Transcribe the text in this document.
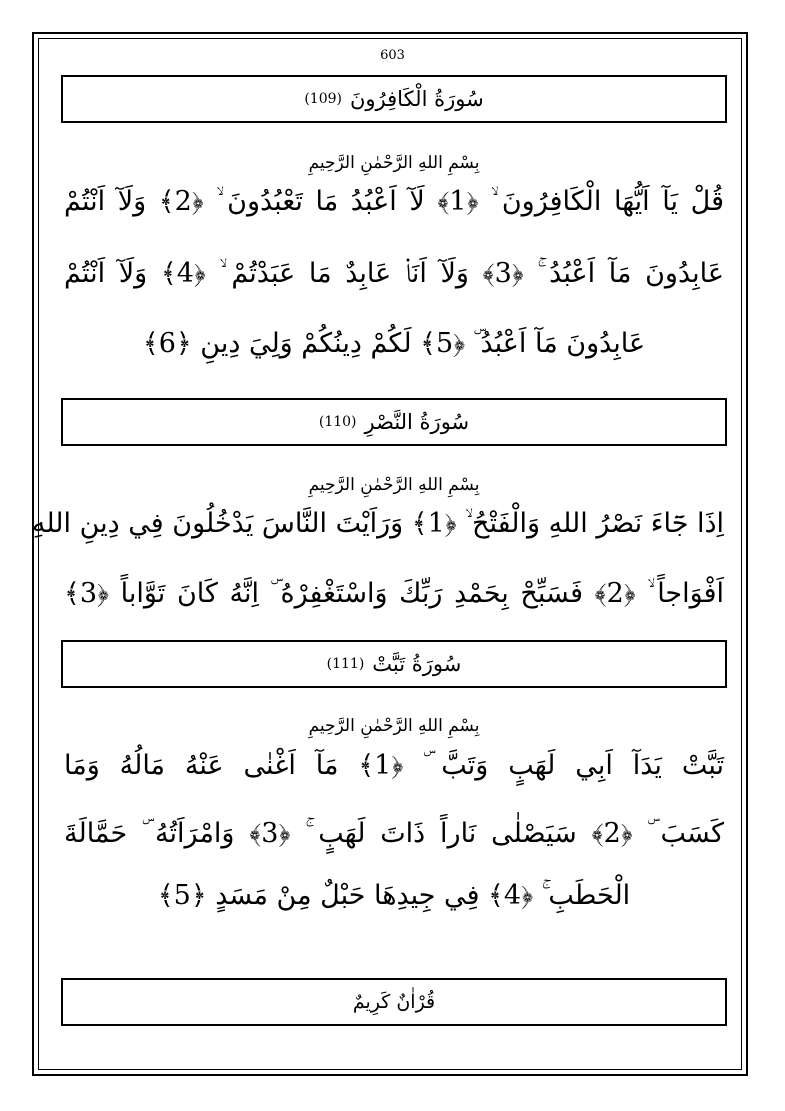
603
سُورَةُ الْكَافِرُونَ
(109)
بِسْمِ اللهِ الرَّحْمٰنِ الرَّحِيمِ
قُلْ يَآ اَيُّهَا الْكَافِرُونَ ۙ ﴿1﴾ لَآ اَعْبُدُ مَا تَعْبُدُونَ ۙ ﴿2﴾ وَلَآ اَنْتُمْ
عَابِدُونَ مَآ اَعْبُدُ ۚ ﴿3﴾ وَلَآ اَنَا۬ عَابِدٌ مَا عَبَدْتُمْ ۙ ﴿4﴾ وَلَآ اَنْتُمْ
عَابِدُونَ مَآ اَعْبُدُ ۜ ﴿5﴾ لَكُمْ دِينُكُمْ وَلِيَ دِينِ ﴿6﴾
سُورَةُ النَّصْرِ
(110)
بِسْمِ اللهِ الرَّحْمٰنِ الرَّحِيمِ
اِذَا جَٓاءَ نَصْرُ اللهِ وَالْفَتْحُ ۙ ﴿1﴾ وَرَاَيْتَ النَّاسَ يَدْخُلُونَ فِي دِينِ اللهِ
اَفْوَاجاً ۙ ﴿2﴾ فَسَبِّحْ بِحَمْدِ رَبِّكَ وَاسْتَغْفِرْهُ ۜ اِنَّهُ كَانَ تَوَّاباً ﴿3﴾
سُورَةُ تَبَّتْ
(111)
بِسْمِ اللهِ الرَّحْمٰنِ الرَّحِيمِ
تَبَّتْ يَدَآ اَبِي لَهَبٍ وَتَبَّ ۜ ﴿1﴾ مَآ اَغْنٰى عَنْهُ مَالُهُ وَمَا
كَسَبَ ۜ ﴿2﴾ سَيَصْلٰى نَاراً ذَاتَ لَهَبٍ ۚ ﴿3﴾ وَامْرَاَتُهُ ۜ حَمَّالَةَ
الْحَطَبِ ۚ ﴿4﴾ فِي جِيدِهَا حَبْلٌ مِنْ مَسَدٍ ﴿5﴾
قُرْاٰنٌ كَرِيمٌ
